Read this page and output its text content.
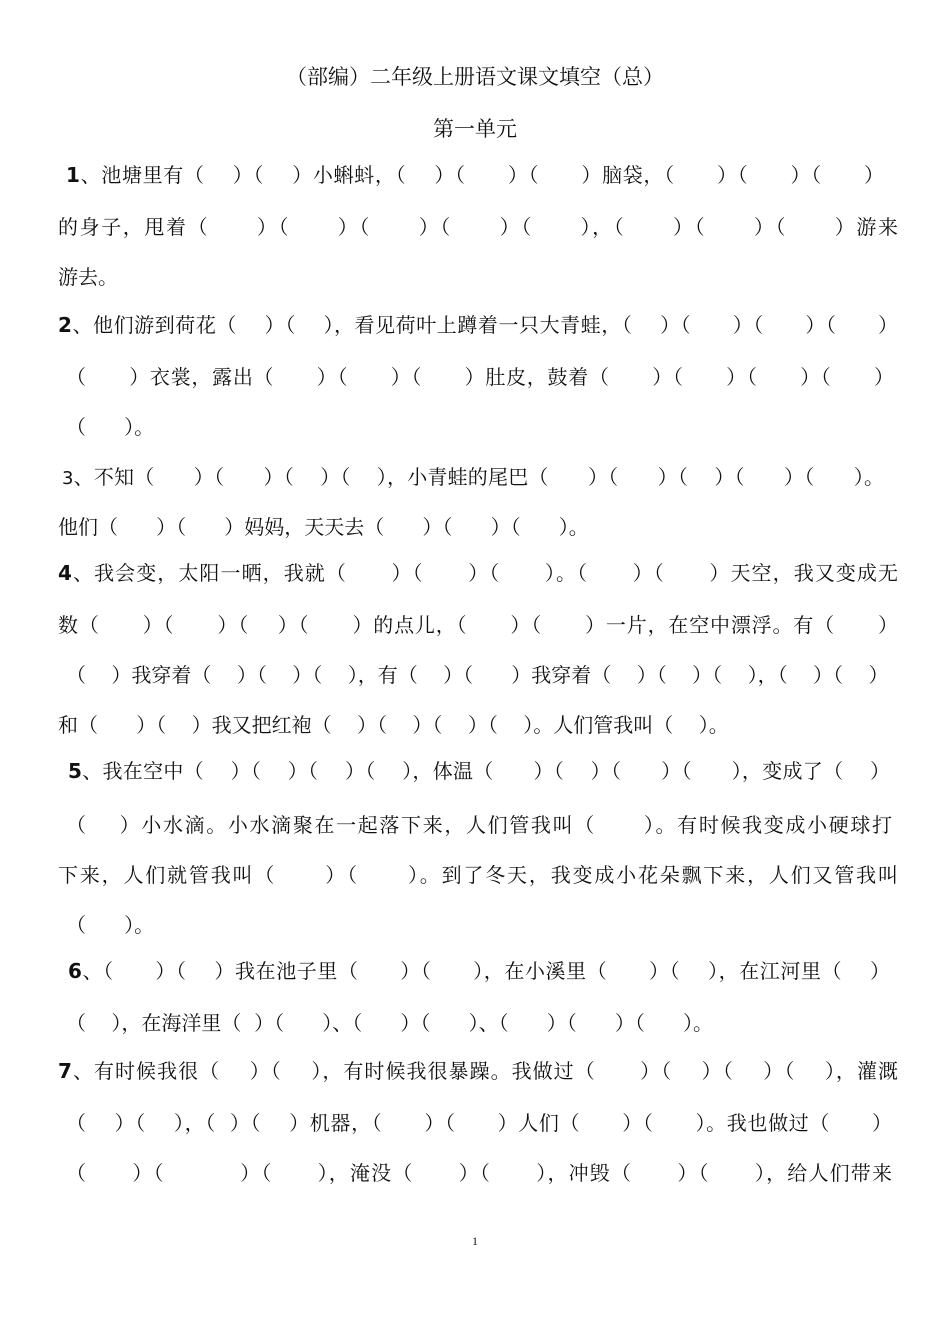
（部编）二年级上册语文课文填空（总）
第一单元
1、池塘里有（    ）（    ）小蝌蚪，（    ）（      ）（      ）脑袋，（      ）（      ）（      ）
的身子，甩着（      ）（      ）（      ）（      ）（      ），（      ）（      ）（      ）游来
游去。
2、他们游到荷花（    ）（    ），看见荷叶上蹲着一只大青蛙，（    ）（      ）（      ）（      ）
（      ）衣裳，露出（      ）（      ）（      ）肚皮，鼓着（      ）（      ）（      ）（      ）
（      ）。
3、不知（      ）（      ）（    ）（    ），小青蛙的尾巴（      ）（      ）（    ）（      ）（      ）。
他们（      ）（      ）妈妈，天天去（      ）（      ）（      ）。
4、我会变，太阳一晒，我就（      ）（      ）（      ）。（      ）（      ）天空，我又变成无
数（      ）（      ）（    ）（      ）的点儿，（      ）（      ）一片，在空中漂浮。有（      ）
（    ）我穿着（    ）（    ）（    ），有（    ）（      ）我穿着（    ）（    ）（    ），（    ）（    ）
和（      ）（    ）我又把红袍（    ）（    ）（    ）（    ）。人们管我叫（    ）。
5、我在空中（    ）（    ）（    ）（    ），体温（      ）（    ）（      ）（      ），变成了（    ）
（    ）小水滴。小水滴聚在一起落下来，人们管我叫（      ）。有时候我变成小硬球打
下来，人们就管我叫（      ）（      ）。到了冬天，我变成小花朵飘下来，人们又管我叫
（      ）。
6、（      ）（    ）我在池子里（      ）（      ），在小溪里（      ）（    ），在江河里（    ）
（    ），在海洋里（  ）（      ）、（      ）（      ）、（      ）（      ）（      ）。
7、有时候我很（    ）（    ），有时候我很暴躁。我做过（      ）（    ）（    ）（    ），灌溉
（    ）（    ），（  ）（    ）机器，（      ）（      ）人们（      ）（      ）。我也做过（      ）
（      ）（          ）（      ），淹没（      ）（      ），冲毁（      ）（      ），给人们带来
1
